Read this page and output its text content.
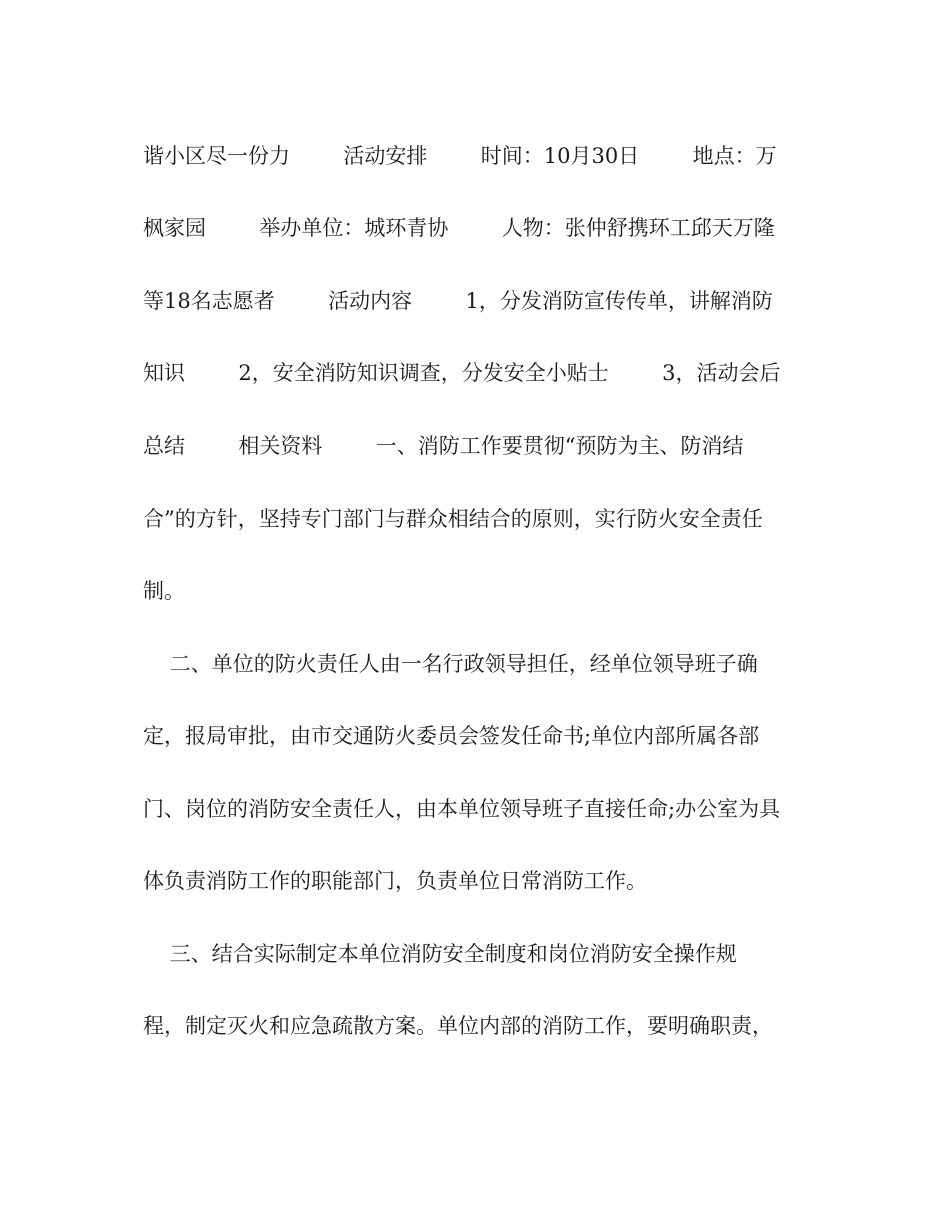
谐小区尽一份力        活动安排        时间：10月30日        地点：万
枫家园        举办单位：城环青协        人物：张仲舒携环工邱天万隆
等18名志愿者        活动内容        1，分发消防宣传传单，讲解消防
知识        2，安全消防知识调查，分发安全小贴士        3，活动会后
总结        相关资料        一、消防工作要贯彻“预防为主、防消结
合”的方针，坚持专门部门与群众相结合的原则，实行防火安全责任
制。
二、单位的防火责任人由一名行政领导担任，经单位领导班子确
定，报局审批，由市交通防火委员会签发任命书;单位内部所属各部
门、岗位的消防安全责任人，由本单位领导班子直接任命;办公室为具
体负责消防工作的职能部门，负责单位日常消防工作。
三、结合实际制定本单位消防安全制度和岗位消防安全操作规
程，制定灭火和应急疏散方案。单位内部的消防工作，要明确职责，
